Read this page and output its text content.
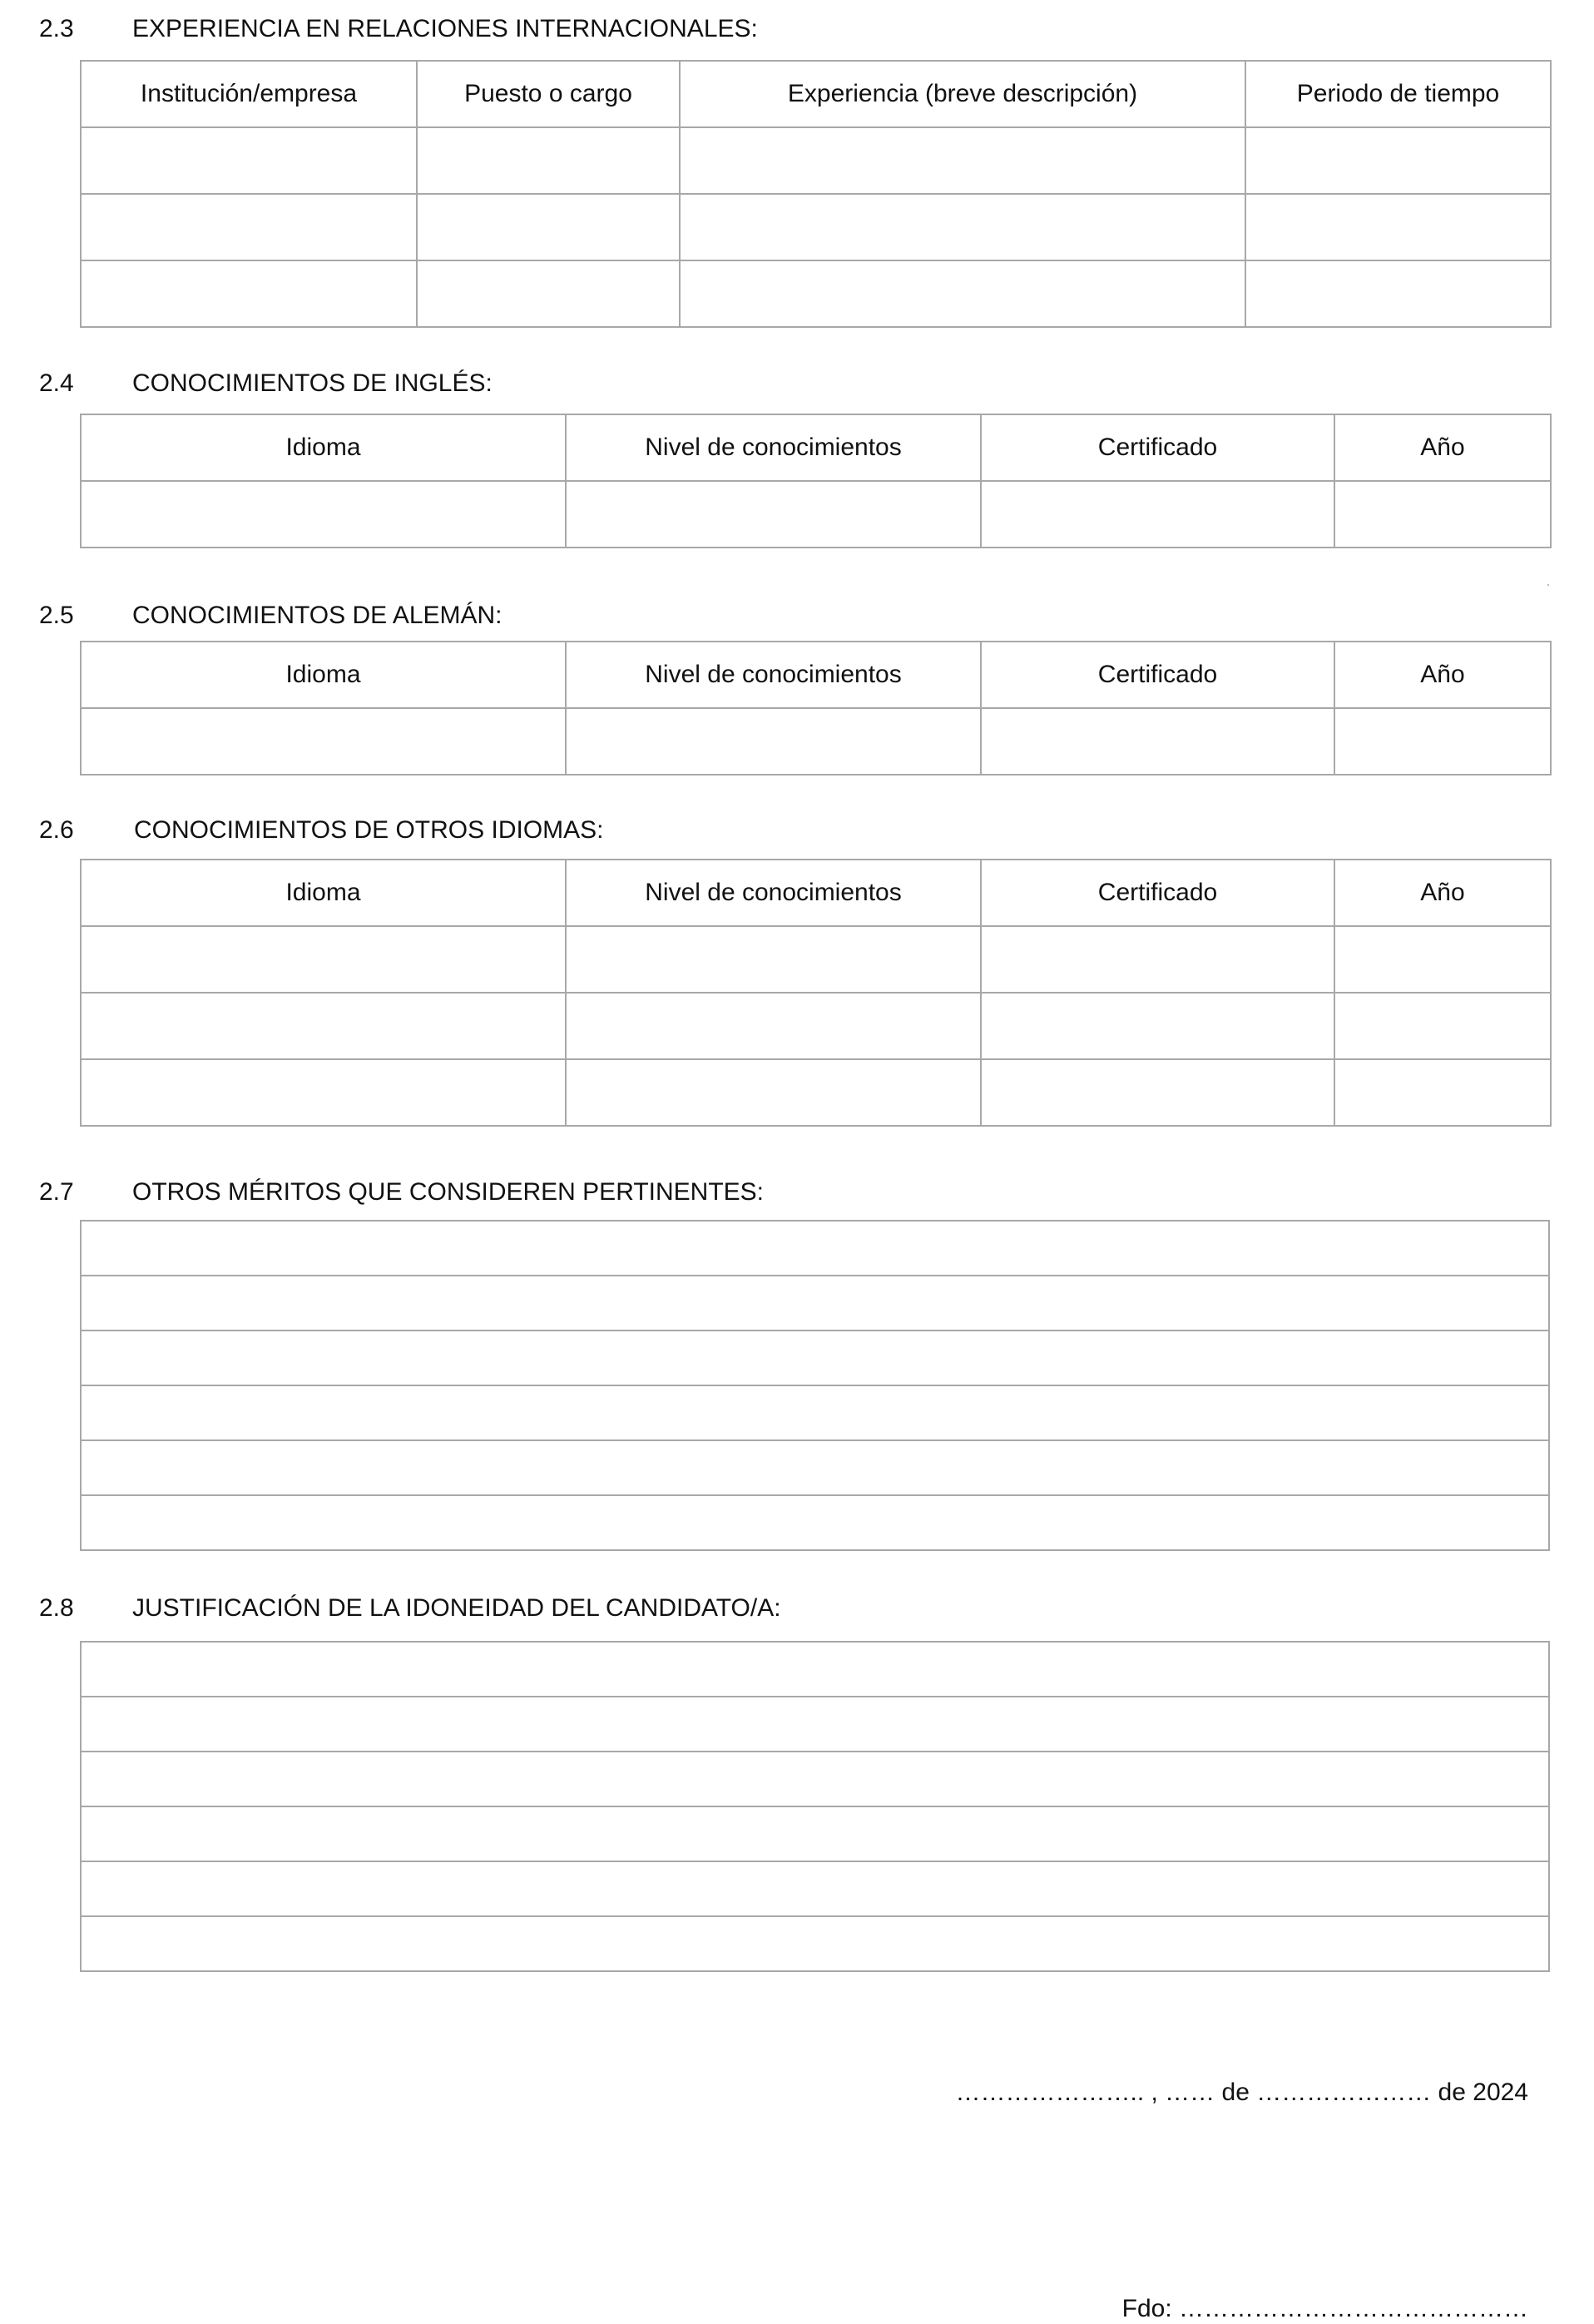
2.3 EXPERIENCIA EN RELACIONES INTERNACIONALES:
Institución/empresa	Puesto o cargo	Experiencia (breve descripción)	Periodo de tiempo

2.4 CONOCIMIENTOS DE INGLÉS:
Idioma	Nivel de conocimientos	Certificado	Año

2.5 CONOCIMIENTOS DE ALEMÁN:
Idioma	Nivel de conocimientos	Certificado	Año

2.6 CONOCIMIENTOS DE OTROS IDIOMAS:
Idioma	Nivel de conocimientos	Certificado	Año

2.7 OTROS MÉRITOS QUE CONSIDEREN PERTINENTES:

2.8 JUSTIFICACIÓN DE LA IDONEIDAD DEL CANDIDATO/A:

………………….. , …… de ………………… de 2024
Fdo: ……………………………………
